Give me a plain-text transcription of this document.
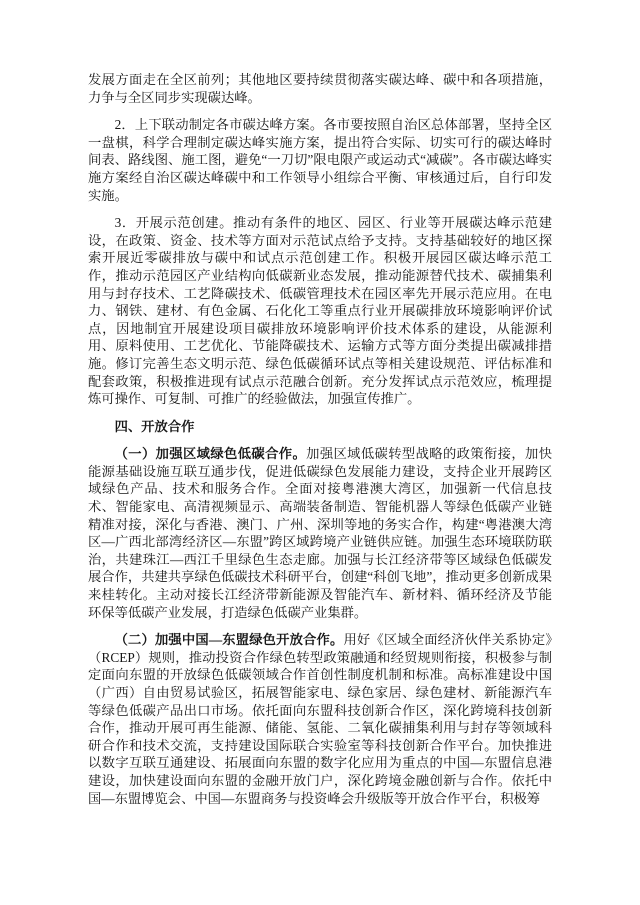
发展方面走在全区前列；其他地区要持续贯彻落实碳达峰、碳中和各项措施，力争与全区同步实现碳达峰。

2．上下联动制定各市碳达峰方案。各市要按照自治区总体部署，坚持全区一盘棋，科学合理制定碳达峰实施方案，提出符合实际、切实可行的碳达峰时间表、路线图、施工图，避免“一刀切”限电限产或运动式“减碳”。各市碳达峰实施方案经自治区碳达峰碳中和工作领导小组综合平衡、审核通过后，自行印发实施。

3．开展示范创建。推动有条件的地区、园区、行业等开展碳达峰示范建设，在政策、资金、技术等方面对示范试点给予支持。支持基础较好的地区探索开展近零碳排放与碳中和试点示范创建工作。积极开展园区碳达峰示范工作，推动示范园区产业结构向低碳新业态发展，推动能源替代技术、碳捕集利用与封存技术、工艺降碳技术、低碳管理技术在园区率先开展示范应用。在电力、钢铁、建材、有色金属、石化化工等重点行业开展碳排放环境影响评价试点，因地制宜开展建设项目碳排放环境影响评价技术体系的建设，从能源利用、原料使用、工艺优化、节能降碳技术、运输方式等方面分类提出碳减排措施。修订完善生态文明示范、绿色低碳循环试点等相关建设规范、评估标准和配套政策，积极推进现有试点示范融合创新。充分发挥试点示范效应，梳理提炼可操作、可复制、可推广的经验做法，加强宣传推广。

四、开放合作

（一）加强区域绿色低碳合作。加强区域低碳转型战略的政策衔接，加快能源基础设施互联互通步伐，促进低碳绿色发展能力建设，支持企业开展跨区域绿色产品、技术和服务合作。全面对接粤港澳大湾区，加强新一代信息技术、智能家电、高清视频显示、高端装备制造、智能机器人等绿色低碳产业链精准对接，深化与香港、澳门、广州、深圳等地的务实合作，构建“粤港澳大湾区—广西北部湾经济区—东盟”跨区域跨境产业链供应链。加强生态环境联防联治，共建珠江—西江千里绿色生态走廊。加强与长江经济带等区域绿色低碳发展合作，共建共享绿色低碳技术科研平台，创建“科创飞地”，推动更多创新成果来桂转化。主动对接长江经济带新能源及智能汽车、新材料、循环经济及节能环保等低碳产业发展，打造绿色低碳产业集群。

（二）加强中国—东盟绿色开放合作。用好《区域全面经济伙伴关系协定》（RCEP）规则，推动投资合作绿色转型政策融通和经贸规则衔接，积极参与制定面向东盟的开放绿色低碳领域合作首创性制度机制和标准。高标准建设中国（广西）自由贸易试验区，拓展智能家电、绿色家居、绿色建材、新能源汽车等绿色低碳产品出口市场。依托面向东盟科技创新合作区，深化跨境科技创新合作，推动开展可再生能源、储能、氢能、二氧化碳捕集利用与封存等领域科研合作和技术交流，支持建设国际联合实验室等科技创新合作平台。加快推进以数字互联互通建设、拓展面向东盟的数字化应用为重点的中国—东盟信息港建设，加快建设面向东盟的金融开放门户，深化跨境金融创新与合作。依托中国—东盟博览会、中国—东盟商务与投资峰会升级版等开放合作平台，积极筹
